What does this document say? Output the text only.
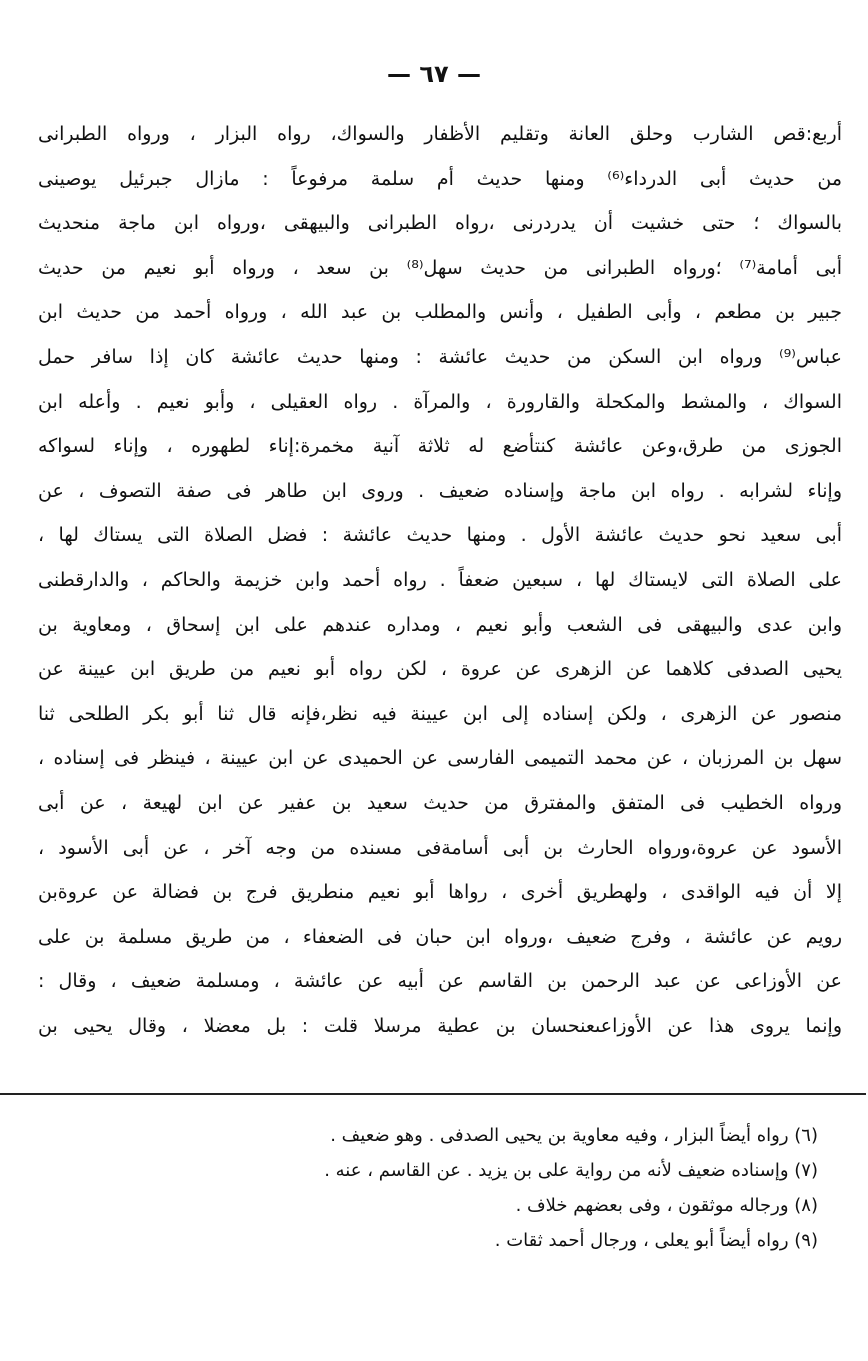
— ٦٧ —
أربع:قص الشارب وحلق العانة وتقليم الأظفار والسواك، رواه البزار ، ورواه الطبرانى
من حديث أبى الدرداء⁽⁶⁾ ومنها حديث أم سلمة مرفوعاً : مازال جبرئيل يوصينى
بالسواك ؛ حتى خشيت أن يدردرنى ،رواه الطبرانى والبيهقى ،ورواه ابن ماجة منحديث
أبى أمامة⁽⁷⁾ ؛ورواه الطبرانى من حديث سهل⁽⁸⁾ بن سعد ، ورواه أبو نعيم من حديث
جبير بن مطعم ، وأبى الطفيل ، وأنس والمطلب بن عبد الله ، ورواه أحمد من حديث ابن
عباس⁽⁹⁾ ورواه ابن السكن من حديث عائشة : ومنها حديث عائشة كان إذا سافر حمل
السواك ، والمشط والمكحلة والقارورة ، والمرآة . رواه العقيلى ، وأبو نعيم . وأعله ابن
الجوزى من طرق،وعن عائشة كنتأضع له ثلاثة آنية مخمرة:إناء لطهوره ، وإناء لسواكه
وإناء لشرابه . رواه ابن ماجة وإسناده ضعيف . وروى ابن طاهر فى صفة التصوف ، عن
أبى سعيد نحو حديث عائشة الأول . ومنها حديث عائشة : فضل الصلاة التى يستاك لها ،
على الصلاة التى لايستاك لها ، سبعين ضعفاً . رواه أحمد وابن خزيمة والحاكم ، والدارقطنى
وابن عدى والبيهقى فى الشعب وأبو نعيم ، ومداره عندهم على ابن إسحاق ، ومعاوية بن
يحيى الصدفى كلاهما عن الزهرى عن عروة ، لكن رواه أبو نعيم من طريق ابن عيينة عن
منصور عن الزهرى ، ولكن إسناده إلى ابن عيينة فيه نظر،فإنه قال ثنا أبو بكر الطلحى ثنا
سهل بن المرزبان ، عن محمد التميمى الفارسى عن الحميدى عن ابن عيينة ، فينظر فى إسناده ،
ورواه الخطيب فى المتفق والمفترق من حديث سعيد بن عفير عن ابن لهيعة ، عن أبى
الأسود عن عروة،ورواه الحارث بن أبى أسامةفى مسنده من وجه آخر ، عن أبى الأسود ،
إلا أن فيه الواقدى ، ولهطريق أخرى ، رواها أبو نعيم منطريق فرج بن فضالة عن عروةبن
رويم عن عائشة ، وفرج ضعيف ،ورواه ابن حبان فى الضعفاء ، من طريق مسلمة بن على
عن الأوزاعى عن عبد الرحمن بن القاسم عن أبيه عن عائشة ، ومسلمة ضعيف ، وقال :
وإنما يروى هذا عن الأوزاعىعنحسان بن عطية مرسلا قلت : بل معضلا ، وقال يحيى بن
(٦) رواه أيضاً البزار ، وفيه معاوية بن يحيى الصدفى . وهو ضعيف .
(٧) وإسناده ضعيف لأنه من رواية على بن يزيد . عن القاسم ، عنه .
(٨) ورجاله موثقون ، وفى بعضهم خلاف .
(٩) رواه أيضاً أبو يعلى ، ورجال أحمد ثقات .
